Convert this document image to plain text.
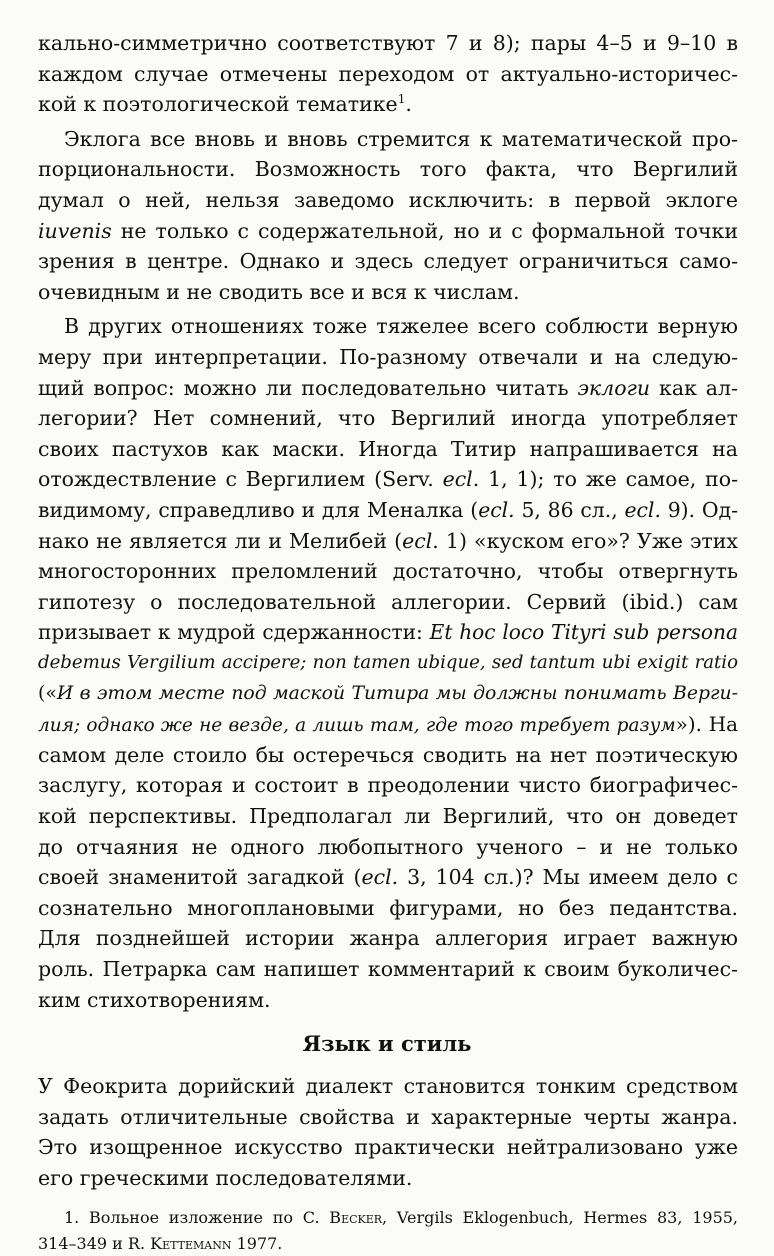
кально-симметрично соответствуют 7 и 8); пары 4–5 и 9–10 в
каждом случае отмечены переходом от актуально-историчес-
кой к поэтологической тематике$^1$.
Эклога все вновь и вновь стремится к математической про-
порциональности. Возможность того факта, что Вергилий
думал о ней, нельзя заведомо исключить: в первой эклоге
iuvenis не только с содержательной, но и с формальной точки
зрения в центре. Однако и здесь следует ограничиться само-
очевидным и не сводить все и вся к числам.
В других отношениях тоже тяжелее всего соблюсти верную
меру при интерпретации. По-разному отвечали и на следую-
щий вопрос: можно ли последовательно читать эклоги как ал-
легории? Нет сомнений, что Вергилий иногда употребляет
своих пастухов как маски. Иногда Титир напрашивается на
отождествление с Вергилием (Serv. ecl. 1, 1); то же самое, по-
видимому, справедливо и для Меналка (ecl. 5, 86 сл., ecl. 9). Од-
нако не является ли и Мелибей (ecl. 1) «куском его»? Уже этих
многосторонних преломлений достаточно, чтобы отвергнуть
гипотезу о последовательной аллегории. Сервий (ibid.) сам
призывает к мудрой сдержанности: Et hoc loco Tityri sub persona
debemus Vergilium accipere; non tamen ubique, sed tantum ubi exigit ratio
(«И в этом месте под маской Титира мы должны понимать Верги-
лия; однако же не везде, а лишь там, где того требует разум»). На
самом деле стоило бы остеречься сводить на нет поэтическую
заслугу, которая и состоит в преодолении чисто биографичес-
кой перспективы. Предполагал ли Вергилий, что он доведет
до отчаяния не одного любопытного ученого – и не только
своей знаменитой загадкой (ecl. 3, 104 сл.)? Мы имеем дело с
сознательно многоплановыми фигурами, но без педантства.
Для позднейшей истории жанра аллегория играет важную
роль. Петрарка сам напишет комментарий к своим буколичес-
ким стихотворениям.
Язык и стиль
У Феокрита дорийский диалект становится тонким средством
задать отличительные свойства и характерные черты жанра.
Это изощренное искусство практически нейтрализовано уже
его греческими последователями.
1. Вольное изложение по C. Becker, Vergils Eklogenbuch, Hermes 83, 1955,
314–349 и R. Kettemann 1977.
